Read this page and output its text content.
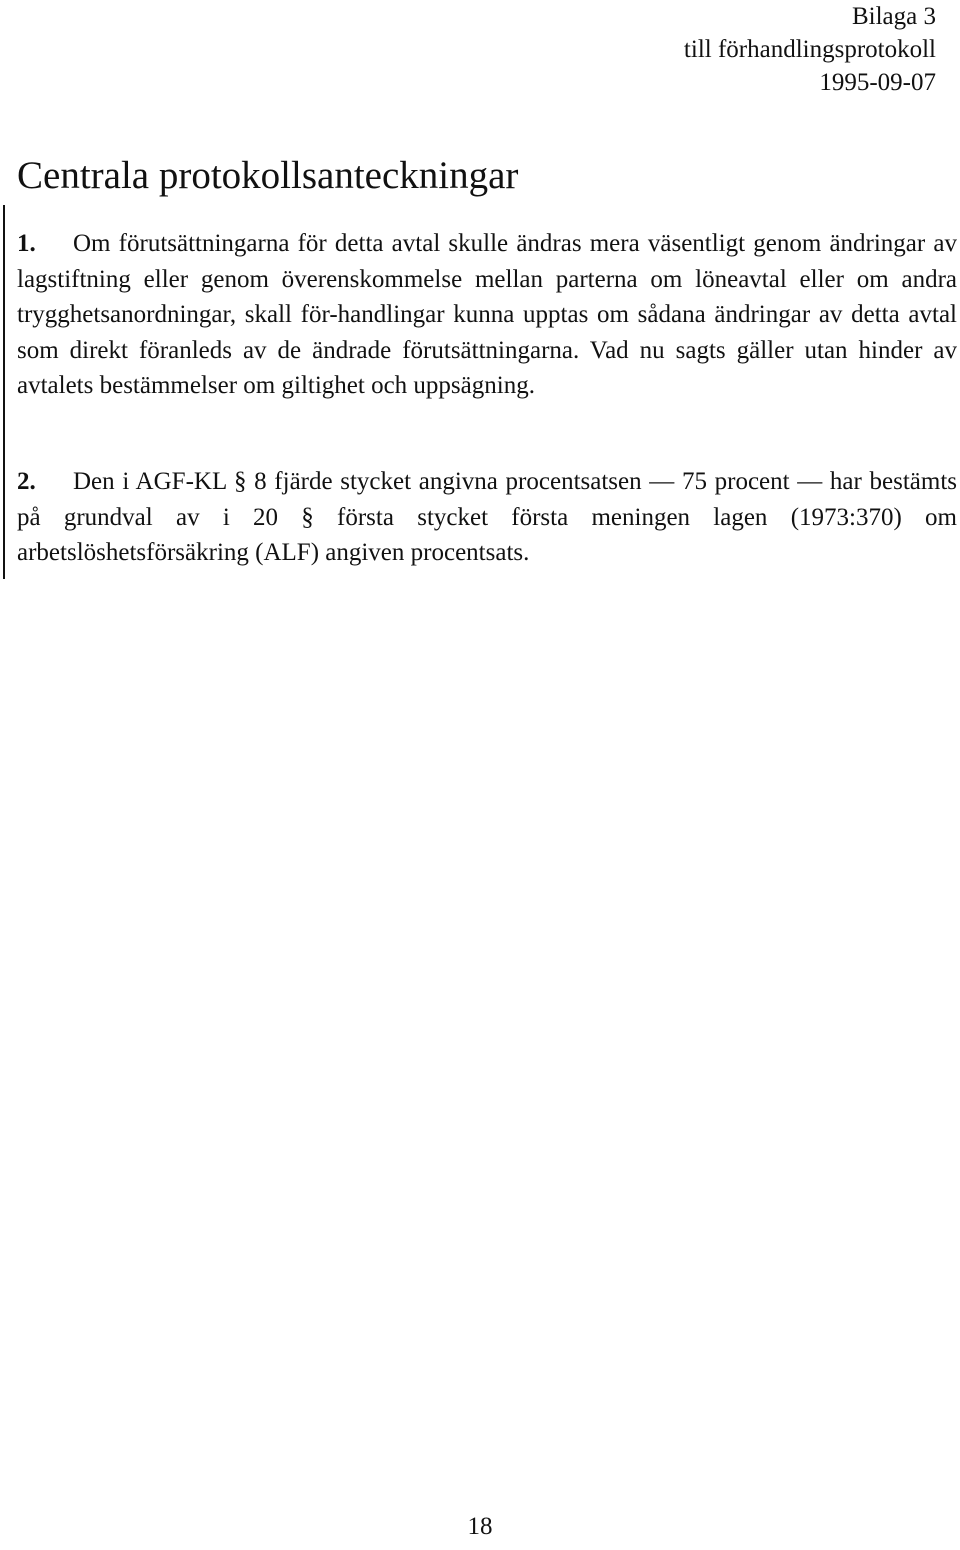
Bilaga 3
till förhandlingsprotokoll
1995-09-07
Centrala protokollsanteckningar

1. Om förutsättningarna för detta avtal skulle ändras mera väsentligt genom ändringar av lagstiftning eller genom överenskommelse mellan parterna om löneavtal eller om andra trygghetsanordningar, skall för-handlingar kunna upptas om sådana ändringar av detta avtal som direkt föranleds av de ändrade förutsättningarna. Vad nu sagts gäller utan hinder av avtalets bestämmelser om giltighet och uppsägning.

2. Den i AGF-KL § 8 fjärde stycket angivna procentsatsen — 75 procent — har bestämts på grundval av i 20 § första stycket första meningen lagen (1973:370) om arbetslöshetsförsäkring (ALF) angiven procentsats.

18
